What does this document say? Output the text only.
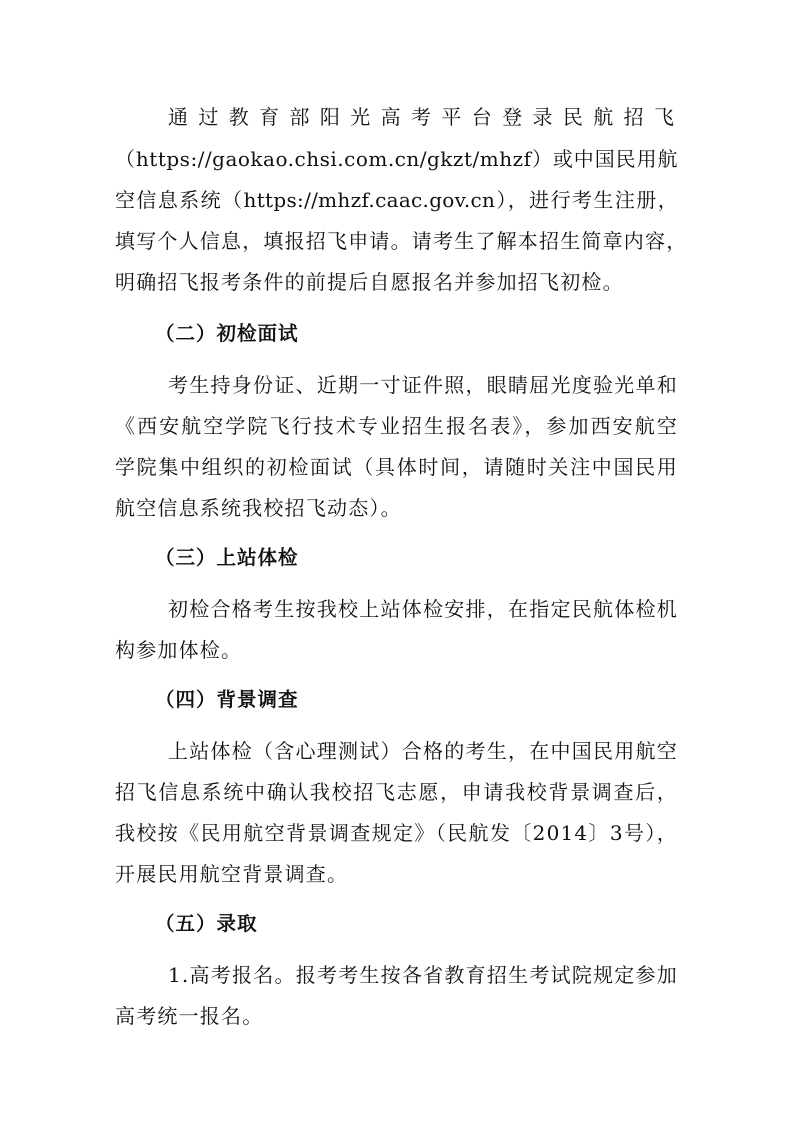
通过教育部阳光高考平台登录民航招飞
（https://gaokao.chsi.com.cn/gkzt/mhzf）或中国民用航
空信息系统（https://mhzf.caac.gov.cn），进行考生注册，
填写个人信息，填报招飞申请。请考生了解本招生简章内容，
明确招飞报考条件的前提后自愿报名并参加招飞初检。
（二）初检面试
考生持身份证、近期一寸证件照，眼睛屈光度验光单和
《西安航空学院飞行技术专业招生报名表》，参加西安航空
学院集中组织的初检面试（具体时间，请随时关注中国民用
航空信息系统我校招飞动态）。
（三）上站体检
初检合格考生按我校上站体检安排，在指定民航体检机
构参加体检。
（四）背景调查
上站体检（含心理测试）合格的考生，在中国民用航空
招飞信息系统中确认我校招飞志愿，申请我校背景调查后，
我校按《民用航空背景调查规定》（民航发〔2014〕3号），
开展民用航空背景调查。
（五）录取
1.高考报名。报考考生按各省教育招生考试院规定参加
高考统一报名。
